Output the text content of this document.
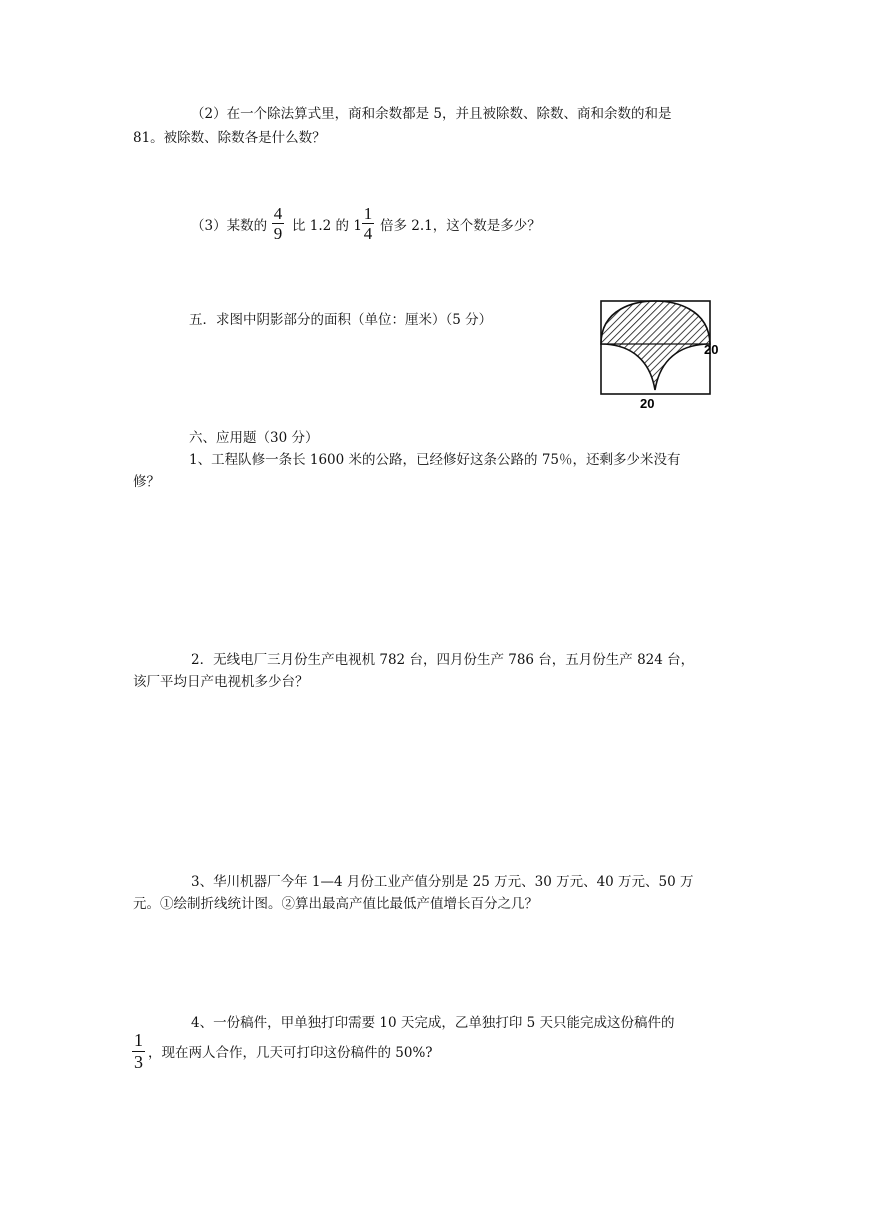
（2）在一个除法算式里，商和余数都是 5，并且被除数、除数、商和余数的和是
81。被除数、除数各是什么数？
（3）某数的
4
9 比 1.2 的 1
1
4 倍多 2.1，这个数是多少？
五．求图中阴影部分的面积（单位：厘米）（5 分）
20
20
六、应用题（30 分）
1、工程队修一条长 1600 米的公路，已经修好这条公路的 75％，还剩多少米没有
修？
2．无线电厂三月份生产电视机 782 台，四月份生产 786 台，五月份生产 824 台，
该厂平均日产电视机多少台？
3、华川机器厂今年 1—4 月份工业产值分别是 25 万元、30 万元、40 万元、50 万
元。①绘制折线统计图。②算出最高产值比最低产值增长百分之几？
4、一份稿件，甲单独打印需要 10 天完成，乙单独打印 5 天只能完成这份稿件的
1
3 ，现在两人合作，几天可打印这份稿件的 50%?
